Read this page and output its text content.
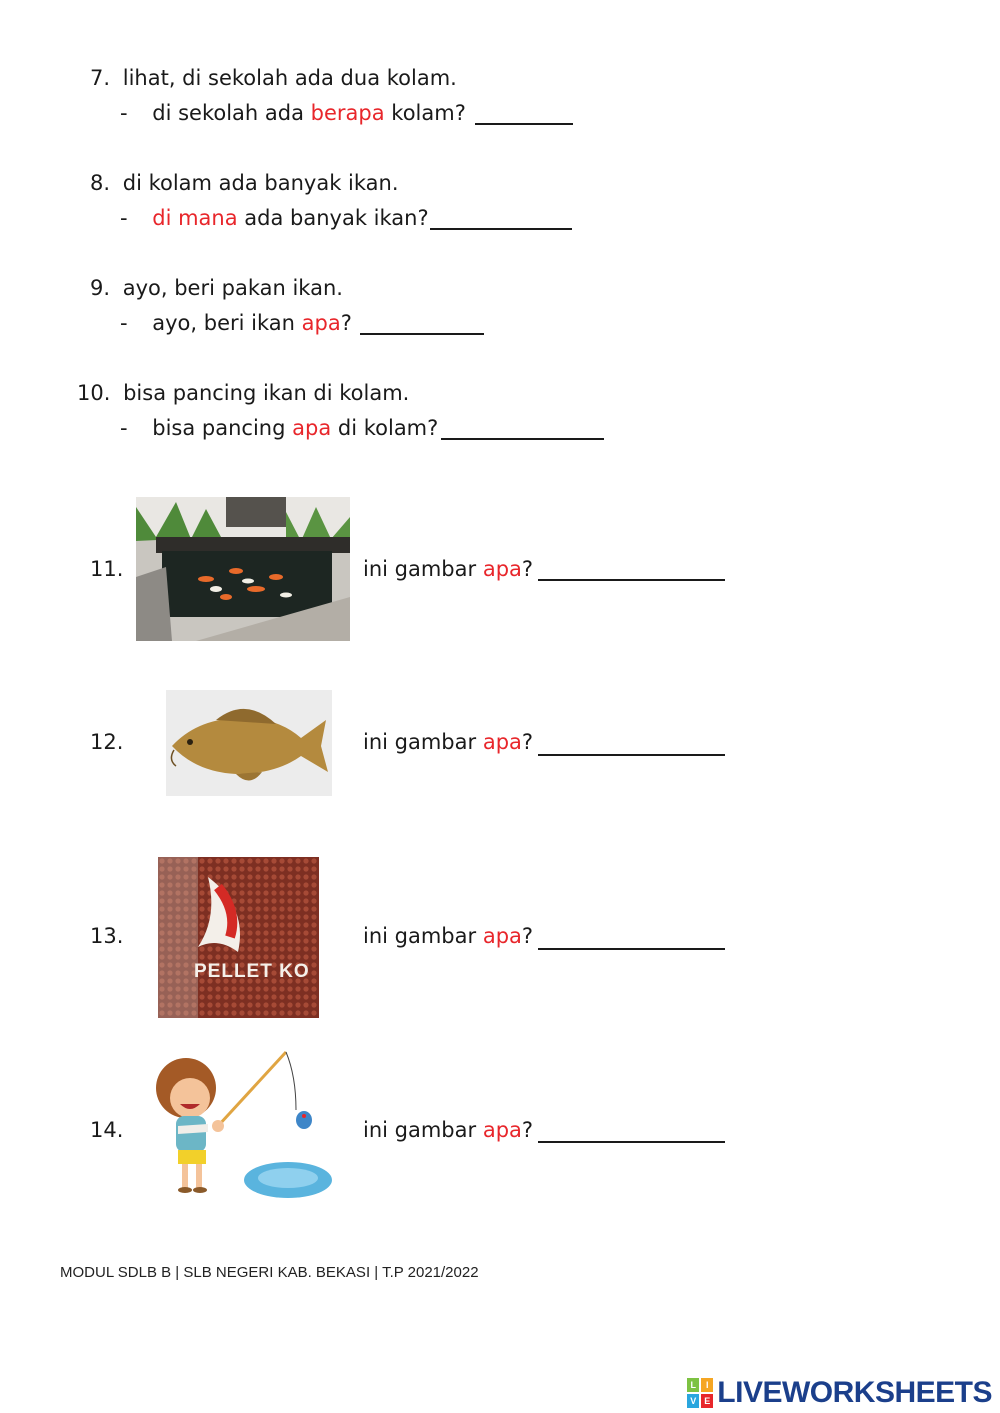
7. lihat, di sekolah ada dua kolam.
- di sekolah ada berapa kolam?
8. di kolam ada banyak ikan.
- di mana ada banyak ikan?
9. ayo, beri pakan ikan.
- ayo, beri ikan apa?
10. bisa pancing ikan di kolam.
- bisa pancing apa di kolam?
11.	ini gambar apa?
12.	ini gambar apa?
13.
PELLET KO
ini gambar apa?
14.	ini gambar apa?
MODUL SDLB B | SLB NEGERI KAB. BEKASI | T.P 2021/2022
L	I
V E LIVEWORKSHEETS
